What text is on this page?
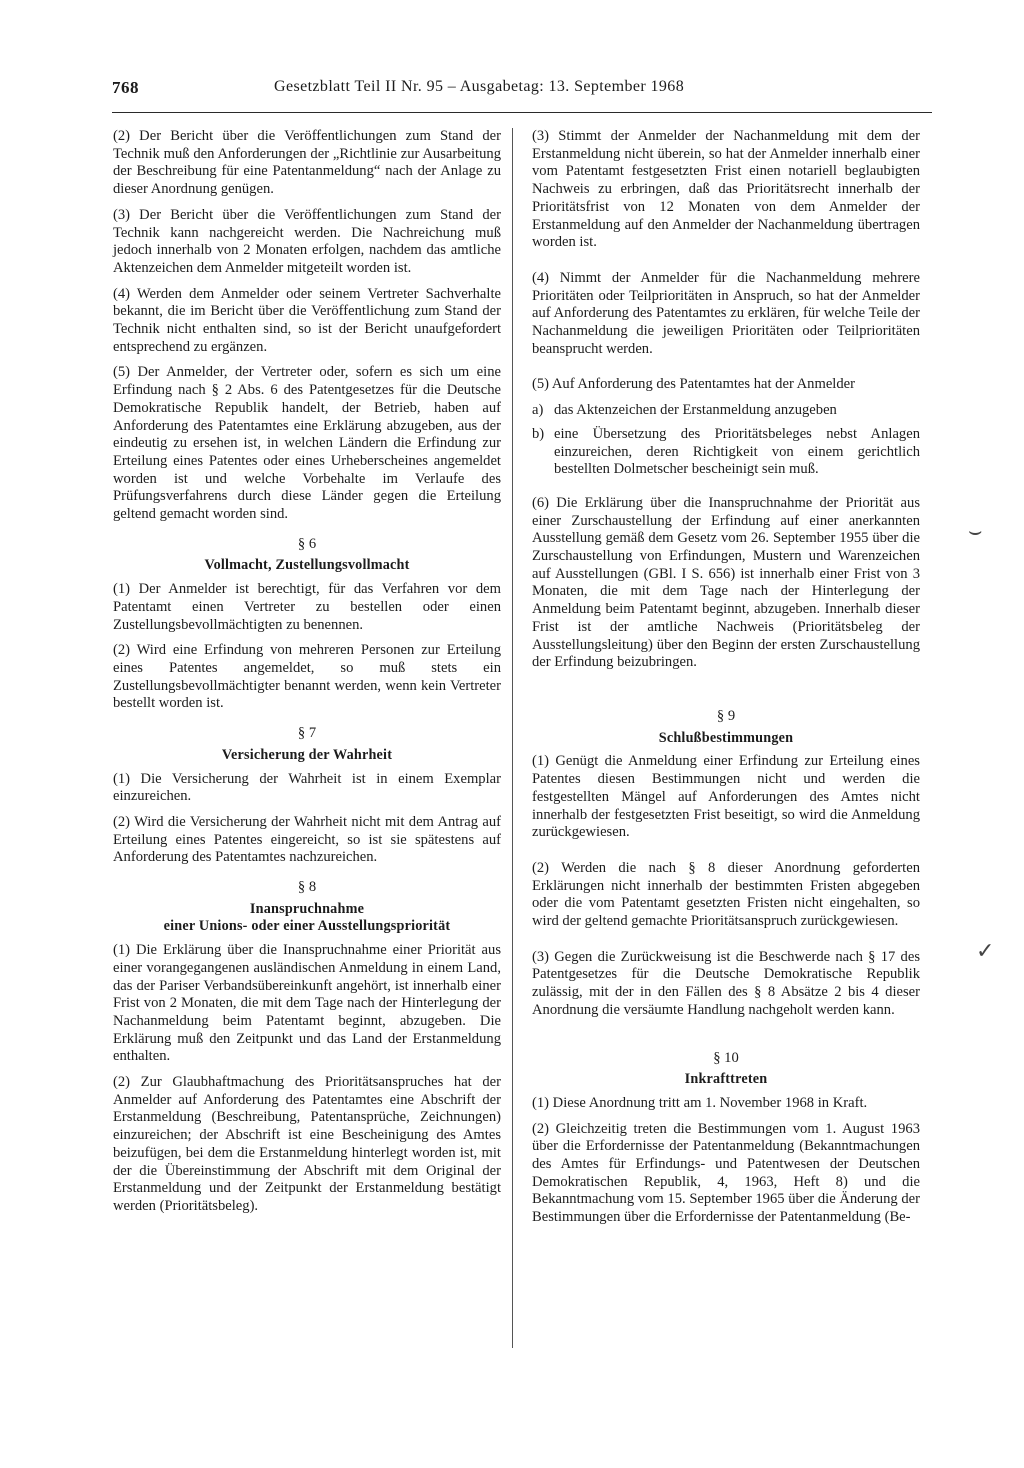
768	Gesetzblatt Teil II Nr. 95 – Ausgabetag: 13. September 1968

(2) Der Bericht über die Veröffentlichungen zum Stand der Technik muß den Anforderungen der „Richtlinie zur Ausarbeitung der Beschreibung für eine Patentanmeldung“ nach der Anlage zu dieser Anordnung genügen.

(3) Der Bericht über die Veröffentlichungen zum Stand der Technik kann nachgereicht werden. Die Nachreichung muß jedoch innerhalb von 2 Monaten erfolgen, nachdem das amtliche Aktenzeichen dem Anmelder mitgeteilt worden ist.

(4) Werden dem Anmelder oder seinem Vertreter Sachverhalte bekannt, die im Bericht über die Veröffentlichung zum Stand der Technik nicht enthalten sind, so ist der Bericht unaufgefordert entsprechend zu ergänzen.

(5) Der Anmelder, der Vertreter oder, sofern es sich um eine Erfindung nach § 2 Abs. 6 des Patentgesetzes für die Deutsche Demokratische Republik handelt, der Betrieb, haben auf Anforderung des Patentamtes eine Erklärung abzugeben, aus der eindeutig zu ersehen ist, in welchen Ländern die Erfindung zur Erteilung eines Patentes oder eines Urheberscheines angemeldet worden ist und welche Vorbehalte im Verlaufe des Prüfungsverfahrens durch diese Länder gegen die Erteilung geltend gemacht worden sind.

§ 6
Vollmacht, Zustellungsvollmacht

(1) Der Anmelder ist berechtigt, für das Verfahren vor dem Patentamt einen Vertreter zu bestellen oder einen Zustellungsbevollmächtigten zu benennen.

(2) Wird eine Erfindung von mehreren Personen zur Erteilung eines Patentes angemeldet, so muß stets ein Zustellungsbevollmächtigter benannt werden, wenn kein Vertreter bestellt worden ist.

§ 7
Versicherung der Wahrheit

(1) Die Versicherung der Wahrheit ist in einem Exemplar einzureichen.

(2) Wird die Versicherung der Wahrheit nicht mit dem Antrag auf Erteilung eines Patentes eingereicht, so ist sie spätestens auf Anforderung des Patentamtes nachzureichen.

§ 8
Inanspruchnahme
einer Unions- oder einer Ausstellungspriorität

(1) Die Erklärung über die Inanspruchnahme einer Priorität aus einer vorangegangenen ausländischen Anmeldung in einem Land, das der Pariser Verbandsübereinkunft angehört, ist innerhalb einer Frist von 2 Monaten, die mit dem Tage nach der Hinterlegung der Nachanmeldung beim Patentamt beginnt, abzugeben. Die Erklärung muß den Zeitpunkt und das Land der Erstanmeldung enthalten.

(2) Zur Glaubhaftmachung des Prioritätsanspruches hat der Anmelder auf Anforderung des Patentamtes eine Abschrift der Erstanmeldung (Beschreibung, Patentansprüche, Zeichnungen) einzureichen; der Abschrift ist eine Bescheinigung des Amtes beizufügen, bei dem die Erstanmeldung hinterlegt worden ist, mit der die Übereinstimmung der Abschrift mit dem Original der Erstanmeldung und der Zeitpunkt der Erstanmeldung bestätigt werden (Prioritätsbeleg).

(3) Stimmt der Anmelder der Nachanmeldung mit dem der Erstanmeldung nicht überein, so hat der Anmelder innerhalb einer vom Patentamt festgesetzten Frist einen notariell beglaubigten Nachweis zu erbringen, daß das Prioritätsrecht innerhalb der Prioritätsfrist von 12 Monaten von dem Anmelder der Erstanmeldung auf den Anmelder der Nachanmeldung übertragen worden ist.

(4) Nimmt der Anmelder für die Nachanmeldung mehrere Prioritäten oder Teilprioritäten in Anspruch, so hat der Anmelder auf Anforderung des Patentamtes zu erklären, für welche Teile der Nachanmeldung die jeweiligen Prioritäten oder Teilprioritäten beansprucht werden.

(5) Auf Anforderung des Patentamtes hat der Anmelder

a) das Aktenzeichen der Erstanmeldung anzugeben
b) eine Übersetzung des Prioritätsbeleges nebst Anlagen einzureichen, deren Richtigkeit von einem gerichtlich bestellten Dolmetscher bescheinigt sein muß.

(6) Die Erklärung über die Inanspruchnahme der Priorität aus einer Zurschaustellung der Erfindung auf einer anerkannten Ausstellung gemäß dem Gesetz vom 26. September 1955 über die Zurschaustellung von Erfindungen, Mustern und Warenzeichen auf Ausstellungen (GBl. I S. 656) ist innerhalb einer Frist von 3 Monaten, die mit dem Tage nach der Hinterlegung der Anmeldung beim Patentamt beginnt, abzugeben. Innerhalb dieser Frist ist der amtliche Nachweis (Prioritätsbeleg der Ausstellungsleitung) über den Beginn der ersten Zurschaustellung der Erfindung beizubringen.

§ 9
Schlußbestimmungen

(1) Genügt die Anmeldung einer Erfindung zur Erteilung eines Patentes diesen Bestimmungen nicht und werden die festgestellten Mängel auf Anforderungen des Amtes nicht innerhalb der festgesetzten Frist beseitigt, so wird die Anmeldung zurückgewiesen.

(2) Werden die nach § 8 dieser Anordnung geforderten Erklärungen nicht innerhalb der bestimmten Fristen abgegeben oder die vom Patentamt gesetzten Fristen nicht eingehalten, so wird der geltend gemachte Prioritätsanspruch zurückgewiesen.

(3) Gegen die Zurückweisung ist die Beschwerde nach § 17 des Patentgesetzes für die Deutsche Demokratische Republik zulässig, mit der in den Fällen des § 8 Absätze 2 bis 4 dieser Anordnung die versäumte Handlung nachgeholt werden kann.

§ 10
Inkrafttreten

(1) Diese Anordnung tritt am 1. November 1968 in Kraft.

(2) Gleichzeitig treten die Bestimmungen vom 1. August 1963 über die Erfordernisse der Patentanmeldung (Bekanntmachungen des Amtes für Erfindungs- und Patentwesen der Deutschen Demokratischen Republik, 4, 1963, Heft 8) und die Bekanntmachung vom 15. September 1965 über die Änderung der Bestimmungen über die Erfordernisse der Patentanmeldung (Be-

⌣
✓
